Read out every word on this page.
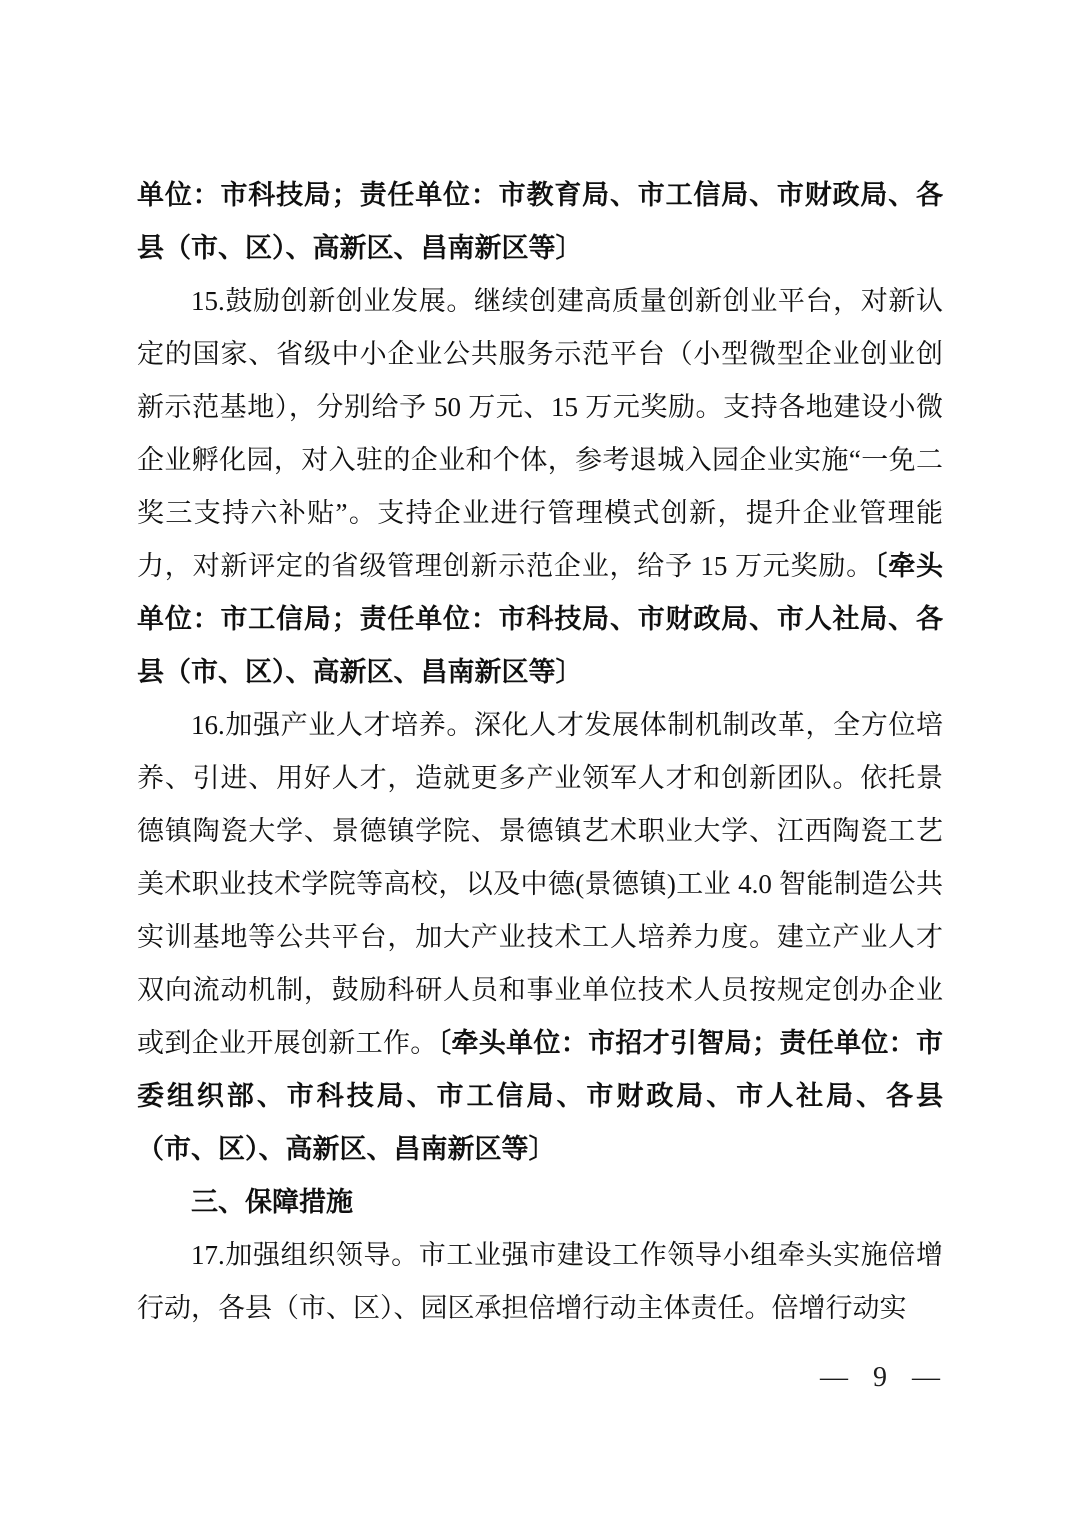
单位：市科技局；责任单位：市教育局、市工信局、市财政局、各县（市、区）、高新区、昌南新区等〕
15.鼓励创新创业发展。继续创建高质量创新创业平台，对新认定的国家、省级中小企业公共服务示范平台（小型微型企业创业创新示范基地），分别给予 50 万元、15 万元奖励。支持各地建设小微企业孵化园，对入驻的企业和个体，参考退城入园企业实施“一免二奖三支持六补贴”。支持企业进行管理模式创新，提升企业管理能力，对新评定的省级管理创新示范企业，给予 15 万元奖励。〔牵头单位：市工信局；责任单位：市科技局、市财政局、市人社局、各县（市、区）、高新区、昌南新区等〕
16.加强产业人才培养。深化人才发展体制机制改革，全方位培养、引进、用好人才，造就更多产业领军人才和创新团队。依托景德镇陶瓷大学、景德镇学院、景德镇艺术职业大学、江西陶瓷工艺美术职业技术学院等高校，以及中德(景德镇)工业 4.0 智能制造公共实训基地等公共平台，加大产业技术工人培养力度。建立产业人才双向流动机制，鼓励科研人员和事业单位技术人员按规定创办企业或到企业开展创新工作。〔牵头单位：市招才引智局；责任单位：市委组织部、市科技局、市工信局、市财政局、市人社局、各县（市、区）、高新区、昌南新区等〕
三、保障措施
17.加强组织领导。市工业强市建设工作领导小组牵头实施倍增行动，各县（市、区）、园区承担倍增行动主体责任。倍增行动实
— 9 —
